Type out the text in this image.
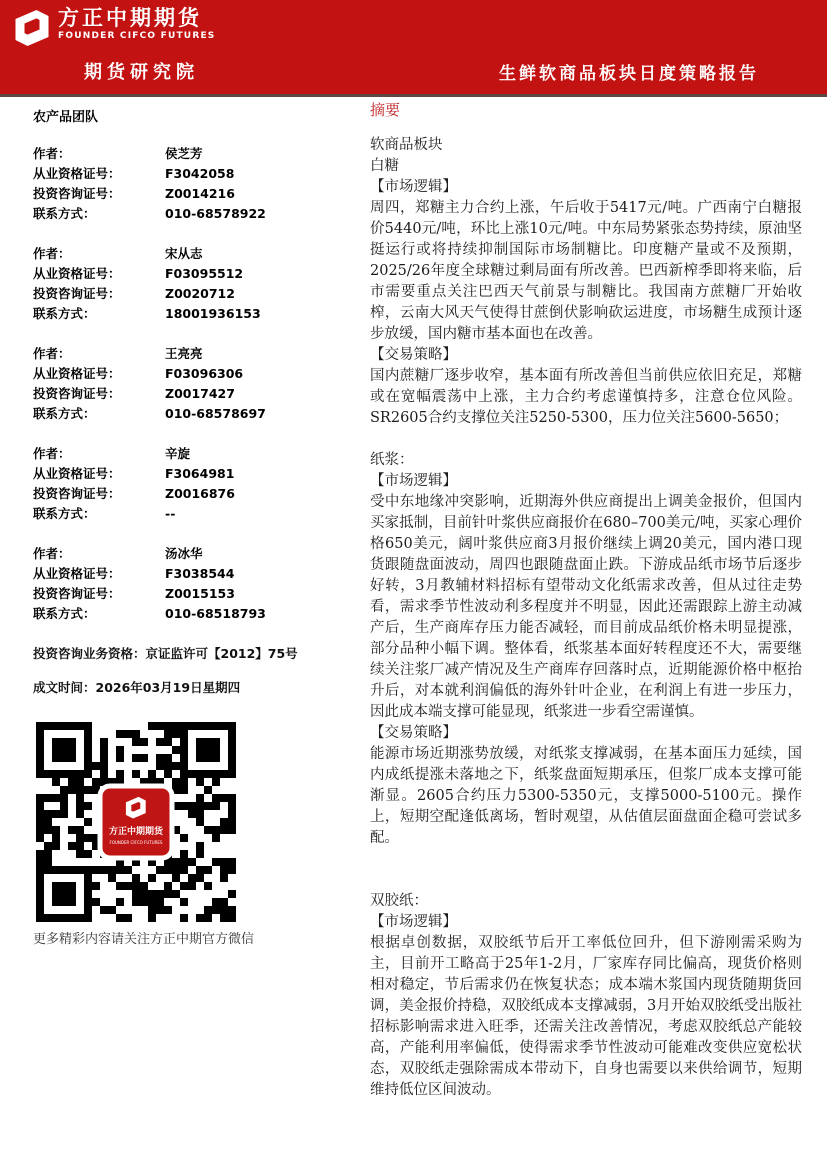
方正中期期货
FOUNDER CIFCO FUTURES
期货研究院	生鲜软商品板块日度策略报告
农产品团队
作者：	侯芝芳
从业资格证号：	F3042058
投资咨询证号：	Z0014216
联系方式：	010-68578922
作者：	宋从志
从业资格证号：	F03095512
投资咨询证号：	Z0020712
联系方式：	18001936153
作者：	王亮亮
从业资格证号：	F03096306
投资咨询证号：	Z0017427
联系方式：	010-68578697
作者：	辛旋
从业资格证号：	F3064981
投资咨询证号：	Z0016876
联系方式：	--
作者：	汤冰华
从业资格证号：	F3038544
投资咨询证号：	Z0015153
联系方式：	010-68518793
投资咨询业务资格：京证监许可【2012】75号
成文时间：2026年03月19日星期四
方正中期期货
FOUNDER CIFCO FUTURES
更多精彩内容请关注方正中期官方微信
摘要
软商品板块
白糖
【市场逻辑】
周四，郑糖主力合约上涨，午后收于5417元/吨。广西南宁白糖报价5440元/吨，环比上涨10元/吨。中东局势紧张态势持续，原油坚挺运行或将持续抑制国际市场制糖比。印度糖产量或不及预期，2025/26年度全球糖过剩局面有所改善。巴西新榨季即将来临，后市需要重点关注巴西天气前景与制糖比。我国南方蔗糖厂开始收榨，云南大风天气使得甘蔗倒伏影响砍运进度，市场糖生成预计逐步放缓，国内糖市基本面也在改善。
【交易策略】
国内蔗糖厂逐步收窄，基本面有所改善但当前供应依旧充足，郑糖或在宽幅震荡中上涨，主力合约考虑谨慎持多，注意仓位风险。SR2605合约支撑位关注5250-5300，压力位关注5600-5650；
纸浆：
【市场逻辑】
受中东地缘冲突影响，近期海外供应商提出上调美金报价，但国内买家抵制，目前针叶浆供应商报价在680–700美元/吨，买家心理价格650美元，阔叶浆供应商3月报价继续上调20美元，国内港口现货跟随盘面波动，周四也跟随盘面止跌。下游成品纸市场节后逐步好转，3月教辅材料招标有望带动文化纸需求改善，但从过往走势看，需求季节性波动利多程度并不明显，因此还需跟踪上游主动减产后，生产商库存压力能否减轻，而目前成品纸价格未明显提涨，部分品种小幅下调。整体看，纸浆基本面好转程度还不大，需要继续关注浆厂减产情况及生产商库存回落时点，近期能源价格中枢抬升后，对本就利润偏低的海外针叶企业，在利润上有进一步压力，因此成本端支撑可能显现，纸浆进一步看空需谨慎。
【交易策略】
能源市场近期涨势放缓，对纸浆支撑减弱，在基本面压力延续，国内成纸提涨未落地之下，纸浆盘面短期承压，但浆厂成本支撑可能渐显。2605合约压力5300-5350元，支撑5000-5100元。操作上，短期空配逢低离场，暂时观望，从估值层面盘面企稳可尝试多配。
双胶纸：
【市场逻辑】
根据卓创数据，双胶纸节后开工率低位回升，但下游刚需采购为主，目前开工略高于25年1-2月，厂家库存同比偏高，现货价格则相对稳定，节后需求仍在恢复状态；成本端木浆国内现货随期货回调，美金报价持稳，双胶纸成本支撑减弱，3月开始双胶纸受出版社招标影响需求进入旺季，还需关注改善情况，考虑双胶纸总产能较高，产能利用率偏低，使得需求季节性波动可能难改变供应宽松状态，双胶纸走强除需成本带动下，自身也需要以来供给调节，短期维持低位区间波动。
